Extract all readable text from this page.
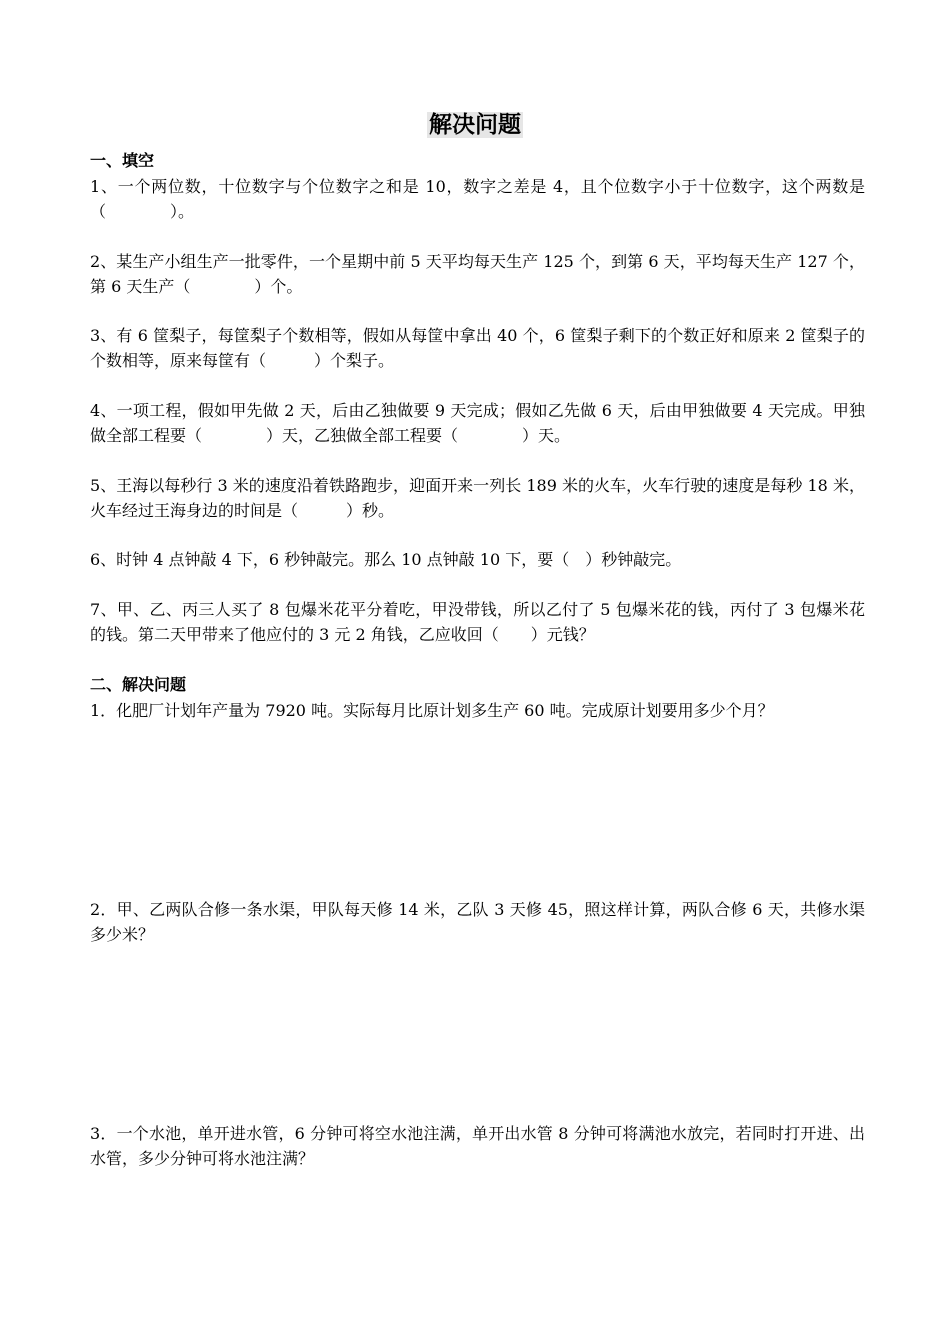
解决问题
一、填空
1、一个两位数，十位数字与个位数字之和是 10，数字之差是 4，且个位数字小于十位数字，这个两数是（　　　　）。
2、某生产小组生产一批零件，一个星期中前 5 天平均每天生产 125 个，到第 6 天，平均每天生产 127 个，第 6 天生产（　　　　）个。
3、有 6 筐梨子，每筐梨子个数相等，假如从每筐中拿出 40 个，6 筐梨子剩下的个数正好和原来 2 筐梨子的个数相等，原来每筐有（　　　）个梨子。
4、一项工程，假如甲先做 2 天，后由乙独做要 9 天完成；假如乙先做 6 天，后由甲独做要 4 天完成。甲独做全部工程要（　　　　）天，乙独做全部工程要（　　　　）天。
5、王海以每秒行 3 米的速度沿着铁路跑步，迎面开来一列长 189 米的火车，火车行驶的速度是每秒 18 米，火车经过王海身边的时间是（　　　）秒。
6、时钟 4 点钟敲 4 下，6 秒钟敲完。那么 10 点钟敲 10 下，要（　）秒钟敲完。
7、甲、乙、丙三人买了 8 包爆米花平分着吃，甲没带钱，所以乙付了 5 包爆米花的钱，丙付了 3 包爆米花的钱。第二天甲带来了他应付的 3 元 2 角钱，乙应收回（　　）元钱？
二、解决问题
1．化肥厂计划年产量为 7920 吨。实际每月比原计划多生产 60 吨。完成原计划要用多少个月？
2．甲、乙两队合修一条水渠，甲队每天修 14 米，乙队 3 天修 45，照这样计算，两队合修 6 天，共修水渠多少米？
3．一个水池，单开进水管，6 分钟可将空水池注满，单开出水管 8 分钟可将满池水放完，若同时打开进、出水管，多少分钟可将水池注满？
